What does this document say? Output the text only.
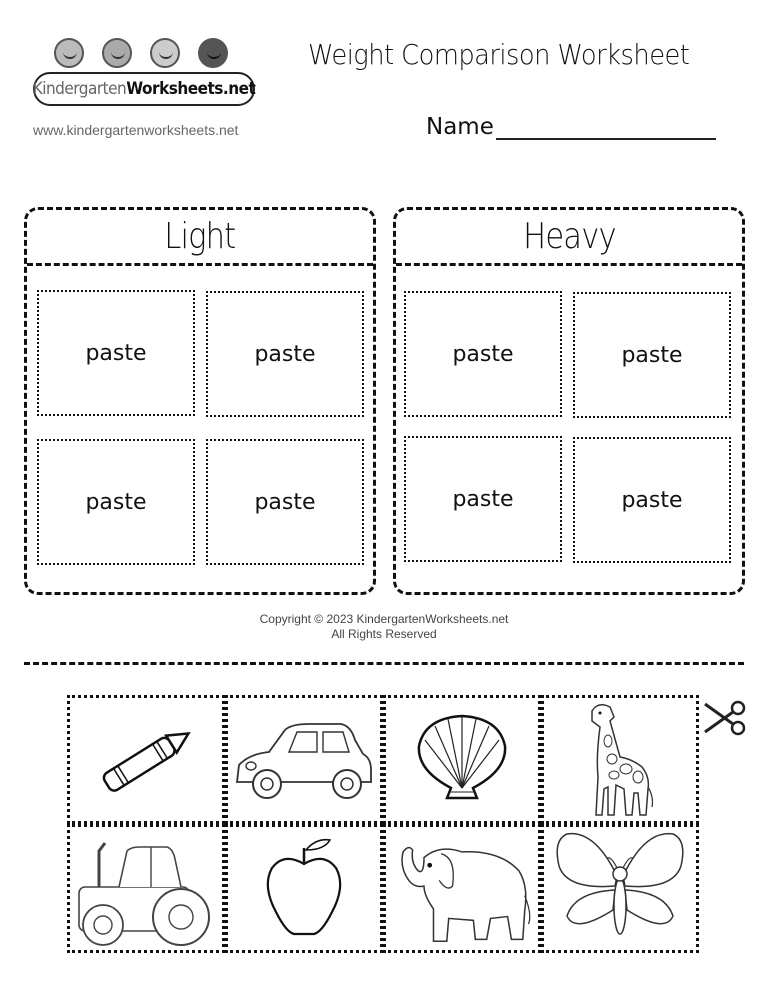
Kindergarten Worksheets.net
www.kindergartenworksheets.net
Weight Comparison Worksheet
Name
Light
paste	paste
paste	paste
Heavy
paste	paste
paste	paste
Copyright © 2023 KindergartenWorksheets.net
All Rights Reserved
